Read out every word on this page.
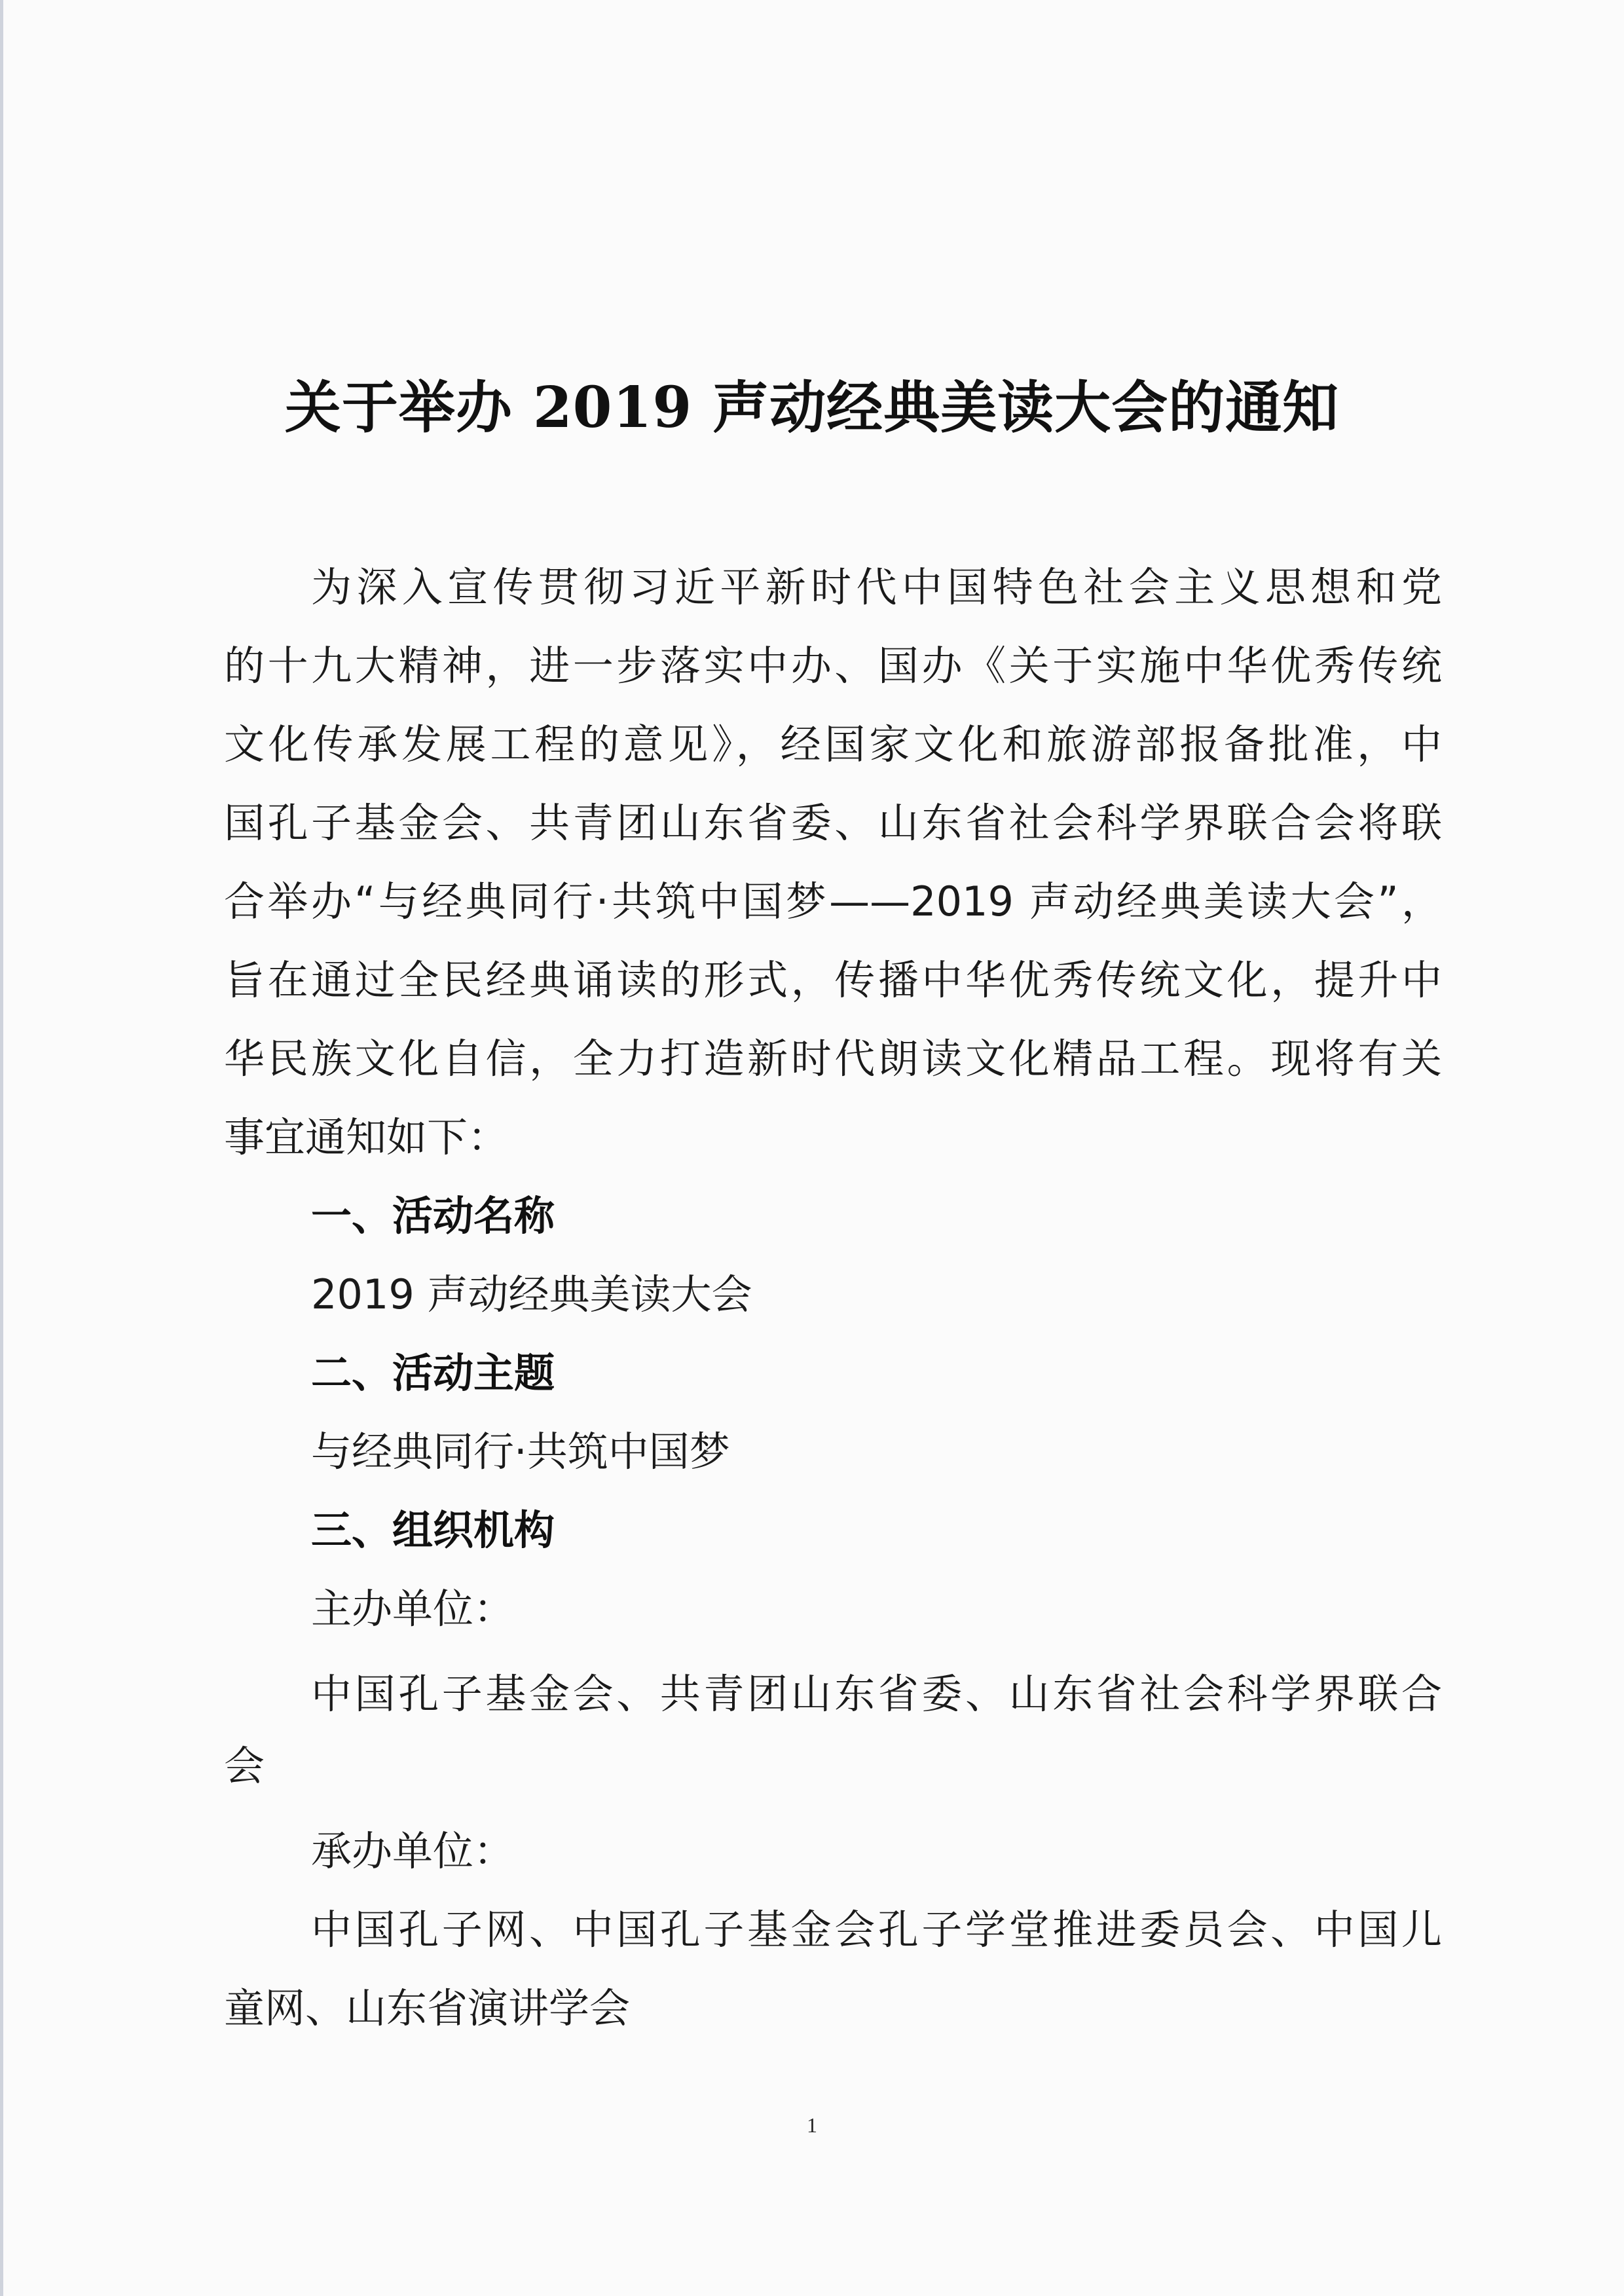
关于举办 2019 声动经典美读大会的通知
为深入宣传贯彻习近平新时代中国特色社会主义思想和党
的十九大精神，进一步落实中办、国办《关于实施中华优秀传统
文化传承发展工程的意见》，经国家文化和旅游部报备批准，中
国孔子基金会、共青团山东省委、山东省社会科学界联合会将联
合举办“与经典同行·共筑中国梦——2019 声动经典美读大会”，
旨在通过全民经典诵读的形式，传播中华优秀传统文化，提升中
华民族文化自信，全力打造新时代朗读文化精品工程。现将有关
事宜通知如下：
一、活动名称
2019 声动经典美读大会
二、活动主题
与经典同行·共筑中国梦
三、组织机构
主办单位：
中国孔子基金会、共青团山东省委、山东省社会科学界联合
会
承办单位：
中国孔子网、中国孔子基金会孔子学堂推进委员会、中国儿
童网、山东省演讲学会
1
